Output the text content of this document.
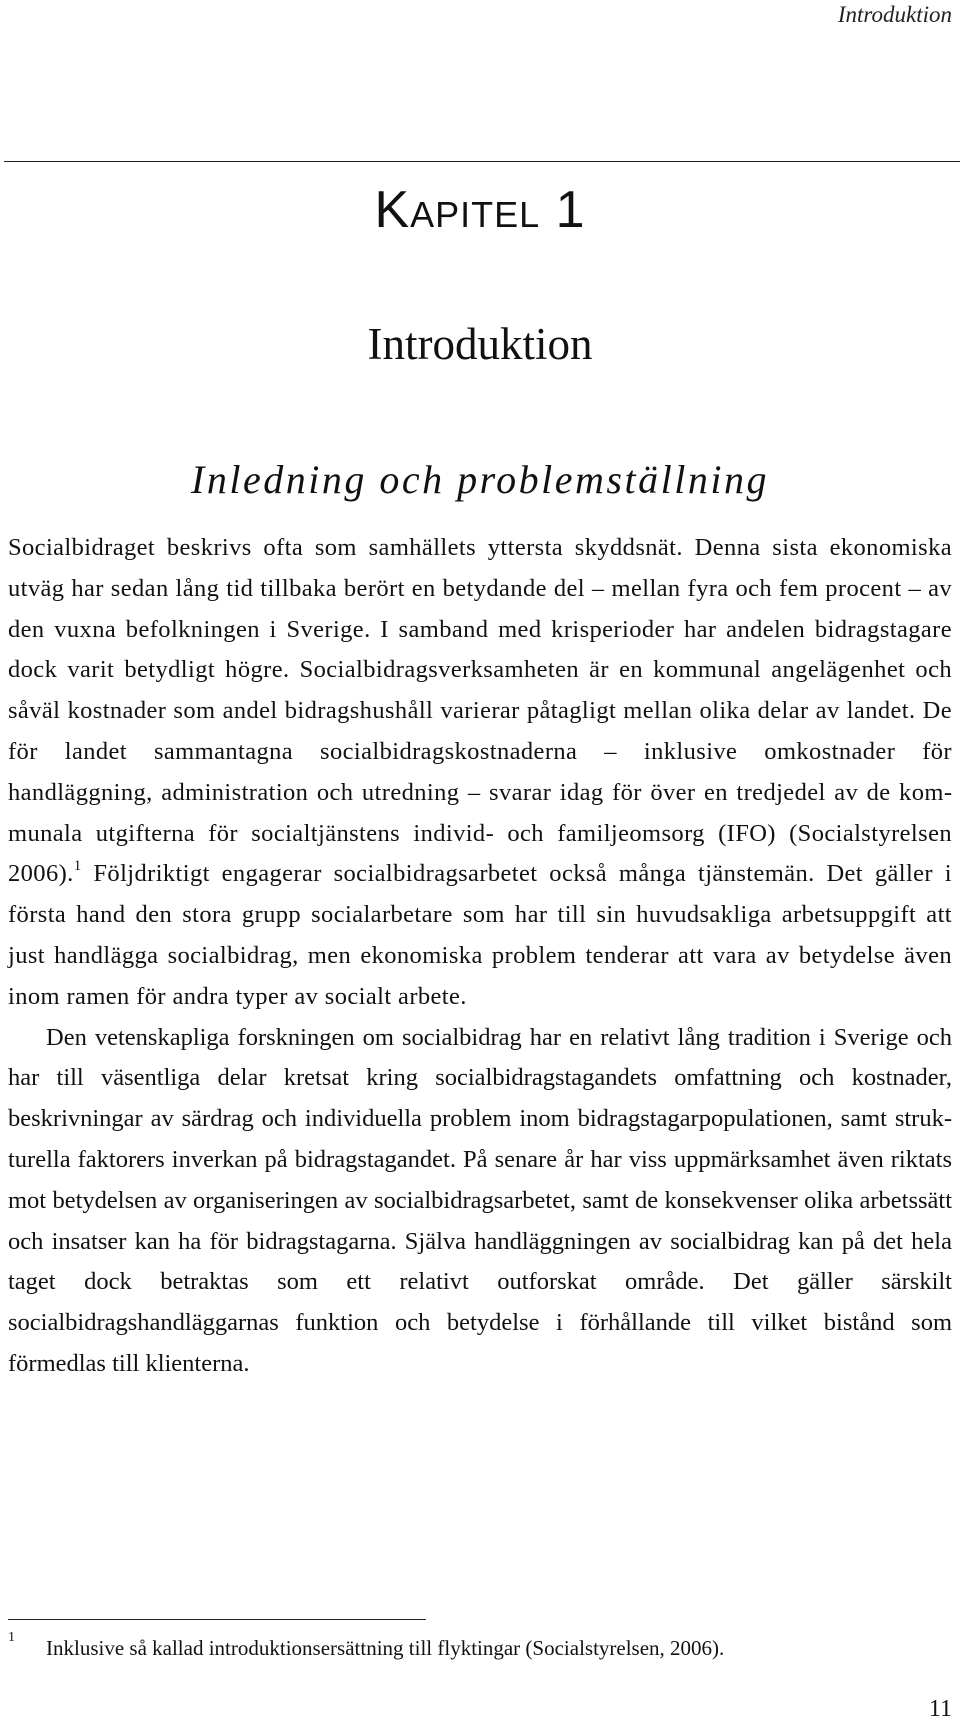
Introduktion
Kapitel 1
Introduktion
Inledning och problemställning

Socialbidraget beskrivs ofta som samhällets yttersta skyddsnät. Denna sista ekonomiska utväg har sedan lång tid tillbaka berört en betydande del – mellan fyra och fem procent – av den vuxna befolkningen i Sverige. I samband med krisperioder har andelen bidragstagare dock varit betydligt högre. Socialbidragsverksamheten är en kommunal angelägenhet och såväl kostnader som andel bidragshushåll varierar påtagligt mellan olika delar av landet. De för landet sammantagna socialbidragskostnaderna – inklusive omkostnader för handläggning, administration och utredning – svarar idag för över en tredjedel av de kommunala utgifterna för socialtjänstens individ- och familjeomsorg (IFO) (Socialstyrelsen 2006).$^1$ Följdriktigt engagerar socialbidragsarbetet också många tjänstemän. Det gäller i första hand den stora grupp socialarbetare som har till sin huvudsakliga arbetsuppgift att just handlägga socialbidrag, men ekonomiska problem tenderar att vara av betydelse även inom ramen för andra typer av socialt arbete.

Den vetenskapliga forskningen om socialbidrag har en relativt lång tradition i Sverige och har till väsentliga delar kretsat kring socialbidragstagandets omfattning och kostnader, beskrivningar av särdrag och individuella problem inom bidragstagarpopulationen, samt strukturella faktorers inverkan på bidragstagandet. På senare år har viss uppmärksamhet även riktats mot betydelsen av organiseringen av socialbidragsarbetet, samt de konsekvenser olika arbetssätt och insatser kan ha för bidragstagarna. Själva handläggningen av socialbidrag kan på det hela taget dock betraktas som ett relativt outforskat område. Det gäller särskilt socialbidragshandläggarnas funktion och betydelse i förhållande till vilket bistånd som förmedlas till klienterna.

1 Inklusive så kallad introduktionsersättning till flyktingar (Socialstyrelsen, 2006).
11
